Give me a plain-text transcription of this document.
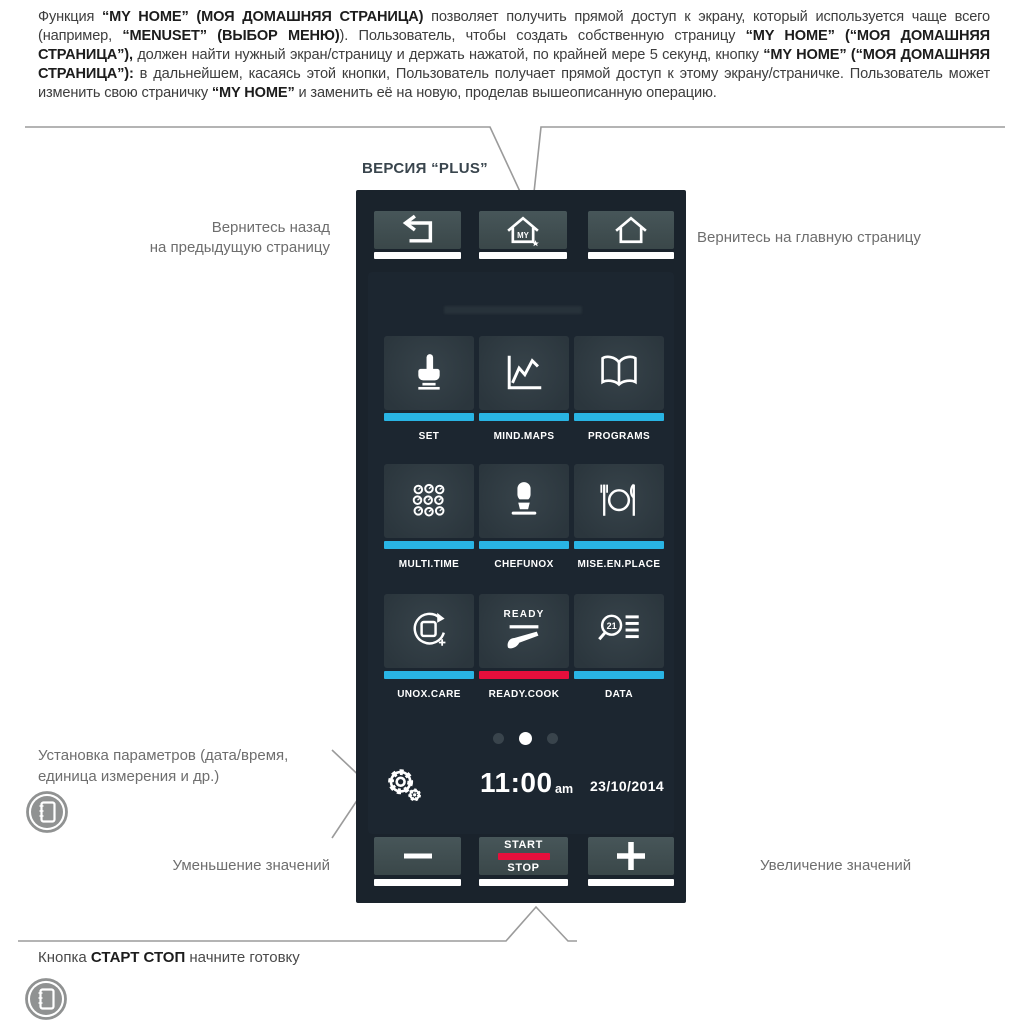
Функция “MY HOME” (МОЯ ДОМАШНЯЯ СТРАНИЦА) позволяет получить прямой доступ к экрану, который используется чаще всего (например, “MENUSET” (ВЫБОР МЕНЮ)). Пользователь, чтобы создать собственную страницу “MY HOME” (“МОЯ ДОМАШНЯЯ СТРАНИЦА”), должен найти нужный экран/страницу и держать нажатой, по крайней мере 5 секунд, кнопку “MY HOME” (“МОЯ ДОМАШНЯЯ СТРАНИЦА”): в дальнейшем, касаясь этой кнопки, Пользователь получает прямой доступ к этому экрану/страничке. Пользователь может изменить свою страничку “MY HOME” и заменить её на новую, проделав вышеописанную операцию.
ВЕРСИЯ “PLUS”
Вернитесь назад
на предыдущую страницу
Вернитесь на главную страницу
Установка параметров (дата/время,
единица измерения и др.)
Уменьшение значений	Увеличение значений
Кнопка СТАРТ СТОП начните готовку
MY
SET	MIND.MAPS	PROGRAMS
MULTI.TIME	CHEFUNOX	MISE.EN.PLACE
UNOX.CARE
READY
READY.COOK
21
DATA
11:00 am 23/10/2014
START
STOP
